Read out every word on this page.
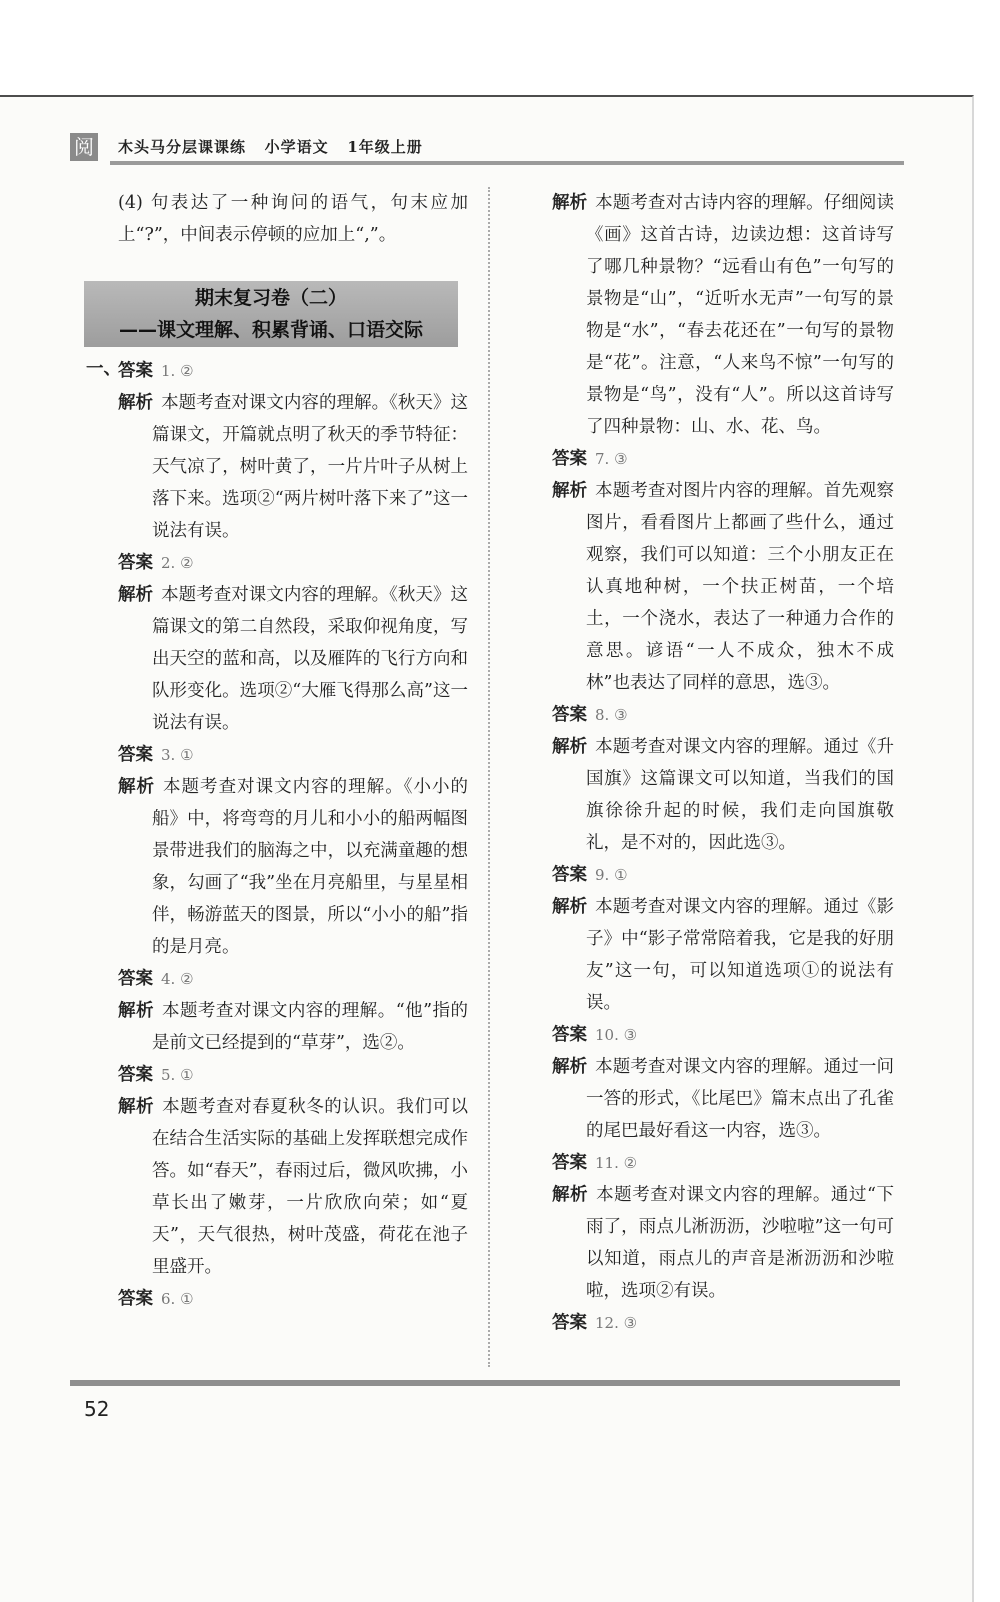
阅 木头马分层课课练   小学语文   1年级上册

(4) 句表达了一种询问的语气，句末应加上“?”，中间表示停顿的应加上“,”。

期末复习卷（二）
——课文理解、积累背诵、口语交际
一、

答案 1. ②

解析 本题考查对课文内容的理解。《秋天》这篇课文，开篇就点明了秋天的季节特征：天气凉了，树叶黄了，一片片叶子从树上落下来。选项②“两片树叶落下来了”这一说法有误。

答案 2. ②

解析 本题考查对课文内容的理解。《秋天》这篇课文的第二自然段，采取仰视角度，写出天空的蓝和高，以及雁阵的飞行方向和队形变化。选项②“大雁飞得那么高”这一说法有误。

答案 3. ①

解析 本题考查对课文内容的理解。《小小的船》中，将弯弯的月儿和小小的船两幅图景带进我们的脑海之中，以充满童趣的想象，勾画了“我”坐在月亮船里，与星星相伴，畅游蓝天的图景，所以“小小的船”指的是月亮。

答案 4. ②

解析 本题考查对课文内容的理解。“他”指的是前文已经提到的“草芽”，选②。

答案 5. ①

解析 本题考查对春夏秋冬的认识。我们可以在结合生活实际的基础上发挥联想完成作答。如“春天”，春雨过后，微风吹拂，小草长出了嫩芽，一片欣欣向荣；如“夏天”，天气很热，树叶茂盛，荷花在池子里盛开。

答案 6. ①

解析 本题考查对古诗内容的理解。仔细阅读《画》这首古诗，边读边想：这首诗写了哪几种景物？“远看山有色”一句写的景物是“山”，“近听水无声”一句写的景物是“水”，“春去花还在”一句写的景物是“花”。注意，“人来鸟不惊”一句写的景物是“鸟”，没有“人”。所以这首诗写了四种景物：山、水、花、鸟。

答案 7. ③

解析 本题考查对图片内容的理解。首先观察图片，看看图片上都画了些什么，通过观察，我们可以知道：三个小朋友正在认真地种树，一个扶正树苗，一个培土，一个浇水，表达了一种通力合作的意思。谚语“一人不成众，独木不成林”也表达了同样的意思，选③。

答案 8. ③

解析 本题考查对课文内容的理解。通过《升国旗》这篇课文可以知道，当我们的国旗徐徐升起的时候，我们走向国旗敬礼，是不对的，因此选③。

答案 9. ①

解析 本题考查对课文内容的理解。通过《影子》中“影子常常陪着我，它是我的好朋友”这一句，可以知道选项①的说法有误。

答案 10. ③

解析 本题考查对课文内容的理解。通过一问一答的形式，《比尾巴》篇末点出了孔雀的尾巴最好看这一内容，选③。

答案 11. ②

解析 本题考查对课文内容的理解。通过“下雨了，雨点儿淅沥沥，沙啦啦”这一句可以知道，雨点儿的声音是淅沥沥和沙啦啦，选项②有误。

答案 12. ③

52
